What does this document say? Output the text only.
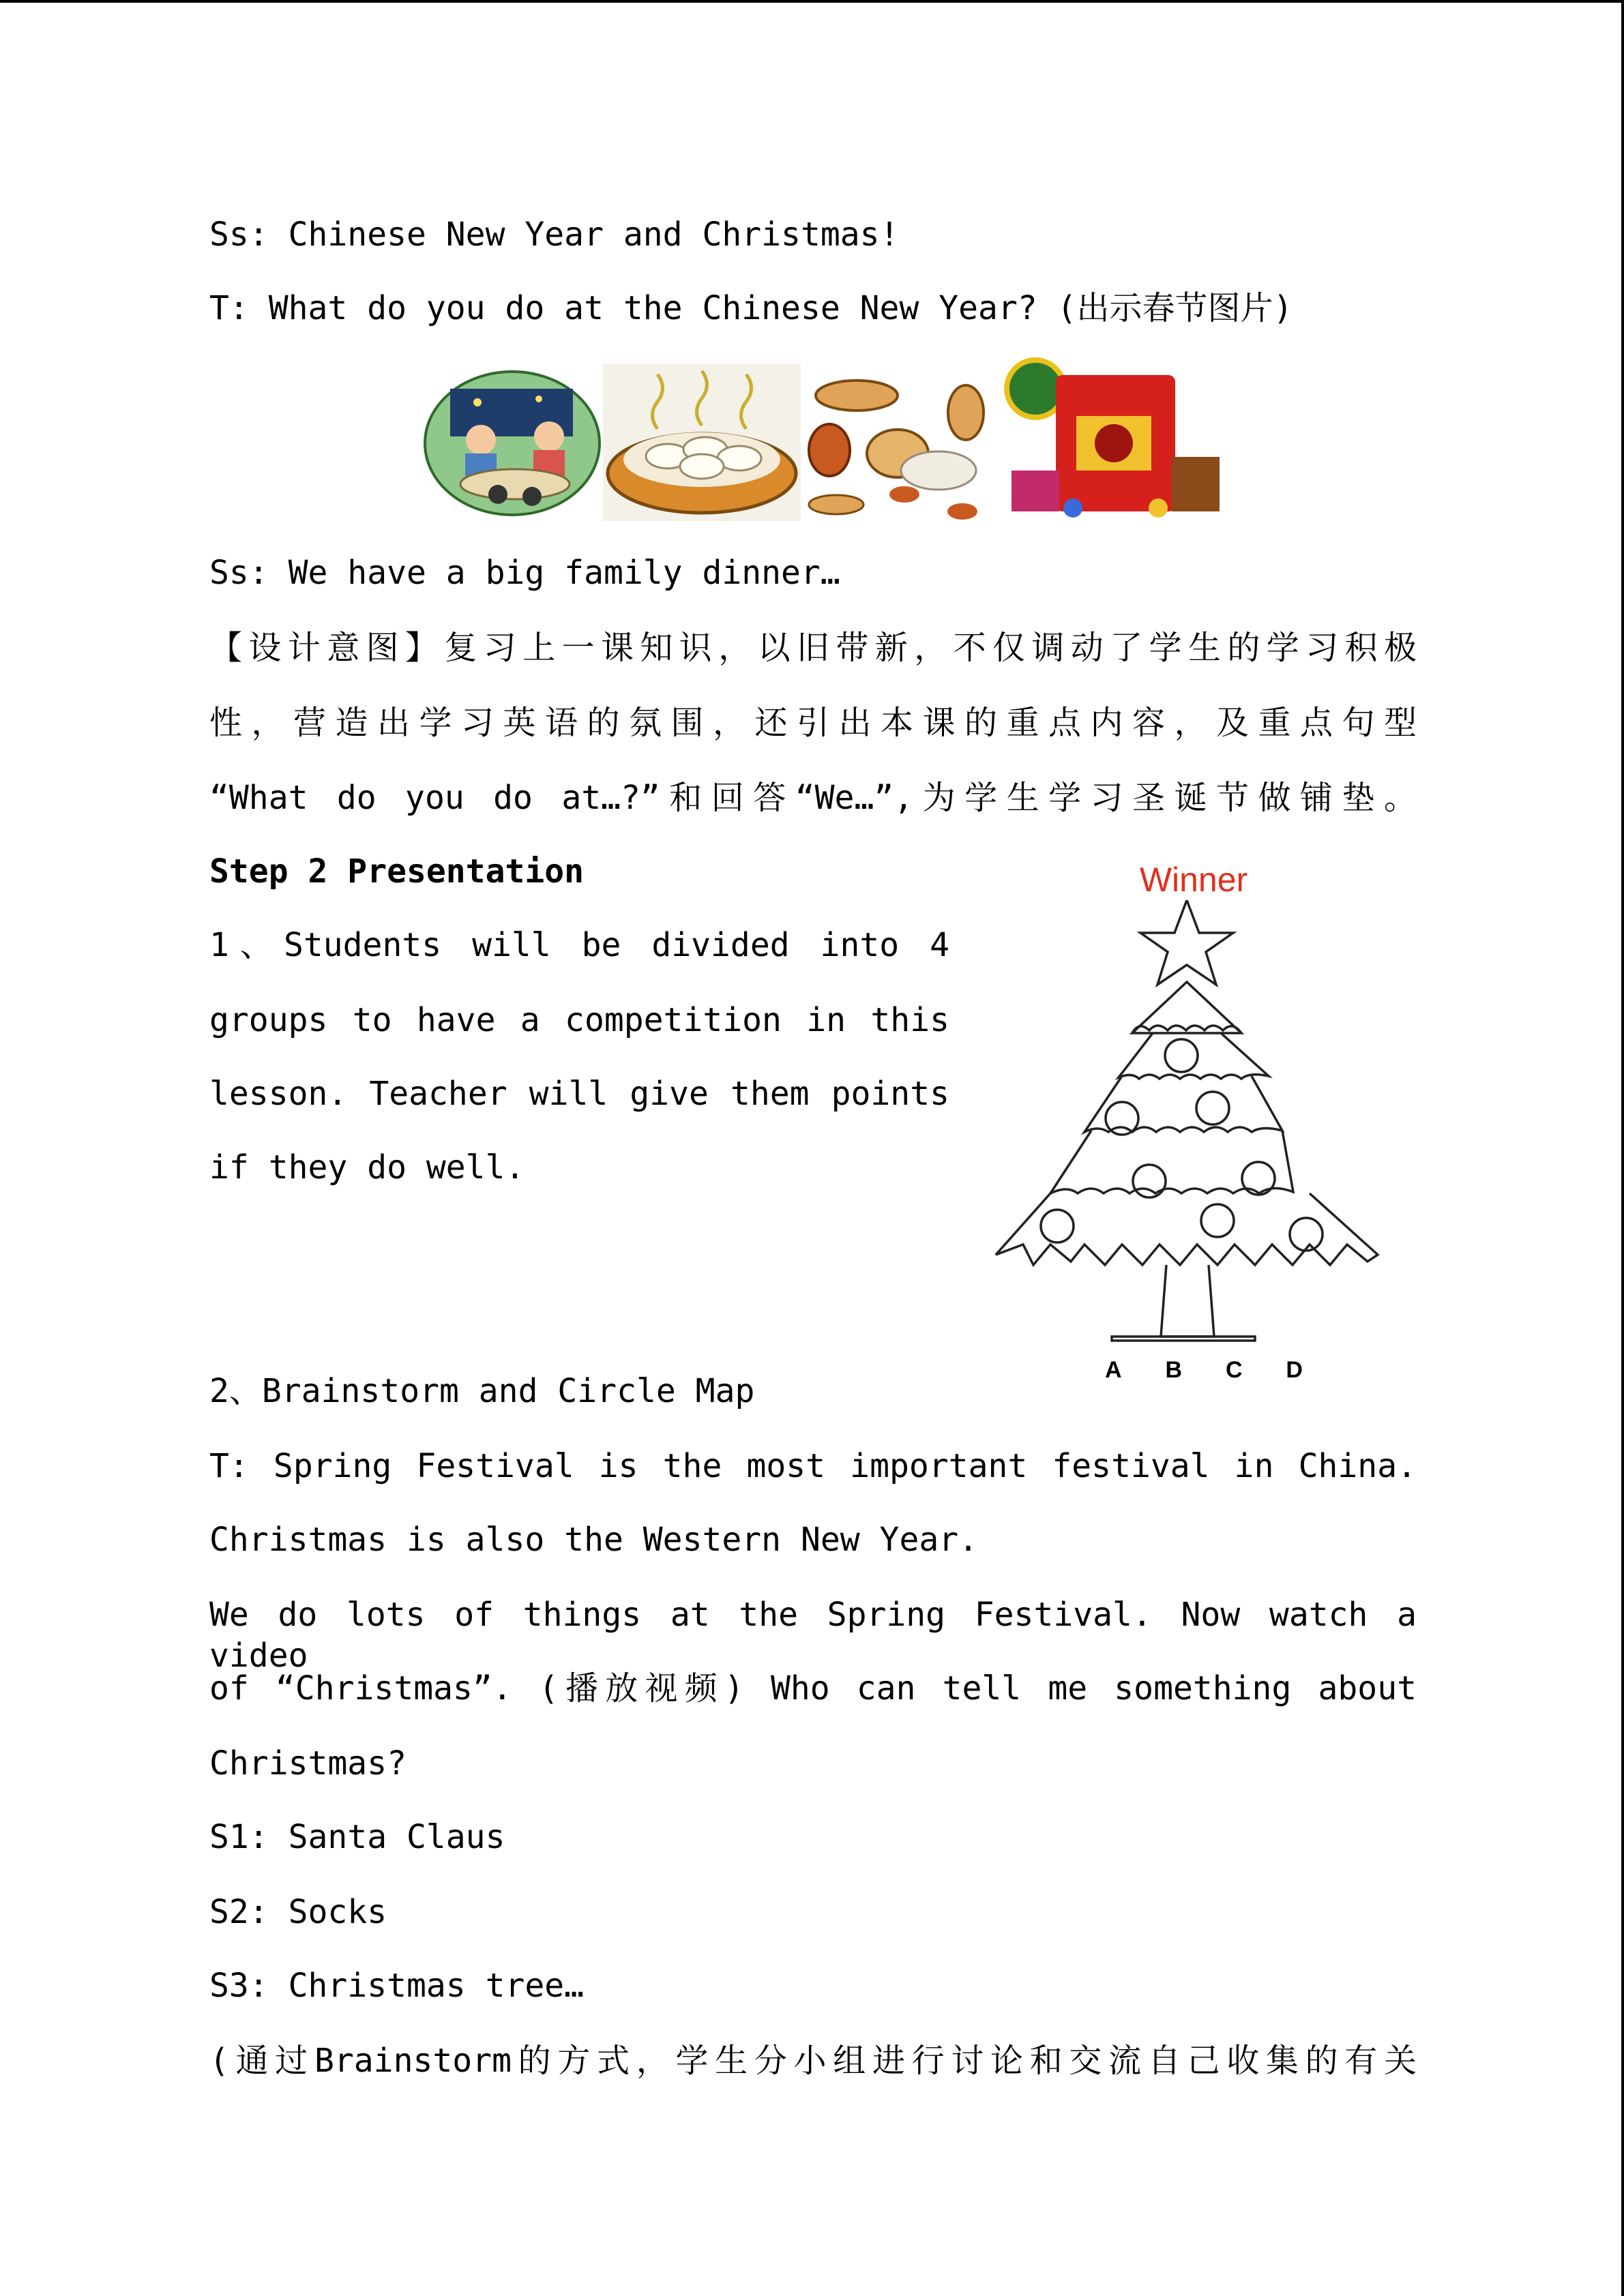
Ss: Chinese New Year and Christmas!
T: What do you do at the Chinese New Year? (出示春节图片)
Ss: We have a big family dinner…
【设计意图】复习上一课知识，以旧带新，不仅调动了学生的学习积极
性，营造出学习英语的氛围，还引出本课的重点内容，及重点句型
“What do you do at…?”和回答“We…”,为学生学习圣诞节做铺垫。
Step 2 Presentation
1、Students will be divided into 4
groups to have a competition in this
lesson. Teacher will give them points
if they do well.
Winner
A B C D
2、Brainstorm and Circle Map
T: Spring Festival is the most important festival in China.
Christmas is also the Western New Year.
We do lots of things at the Spring Festival. Now watch a video
of “Christmas”. (播放视频) Who can tell me something about
Christmas?
S1: Santa Claus
S2: Socks
S3: Christmas tree…
(通过Brainstorm的方式，学生分小组进行讨论和交流自己收集的有关
